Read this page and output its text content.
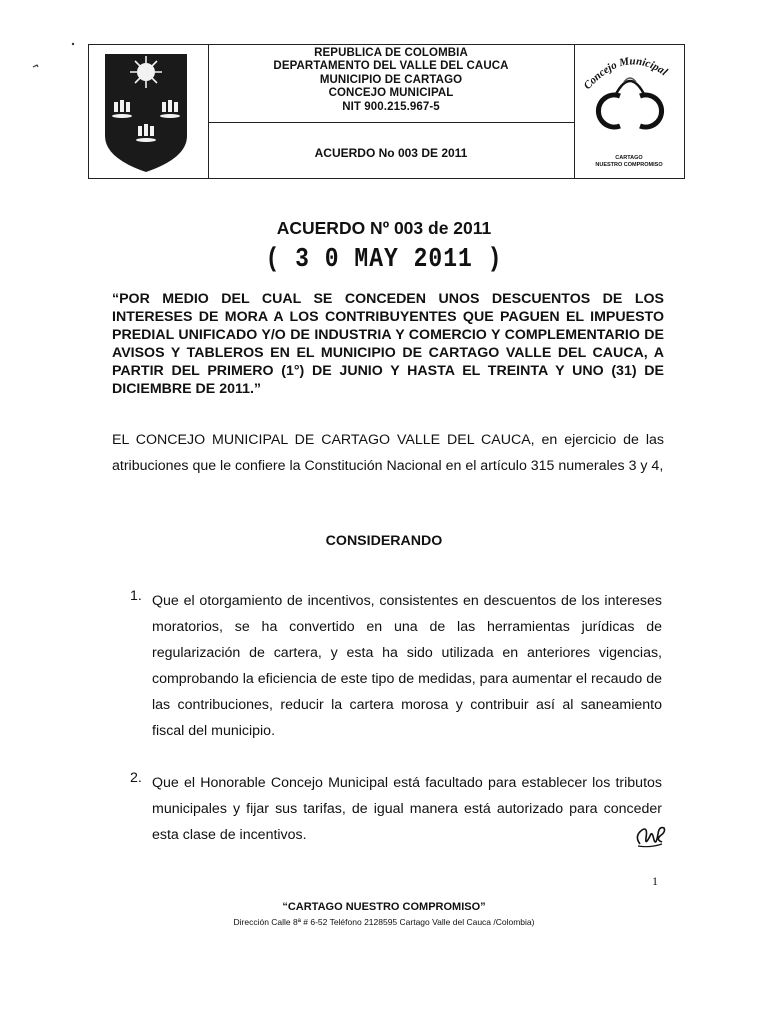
REPUBLICA DE COLOMBIA
DEPARTAMENTO DEL VALLE DEL CAUCA
MUNICIPIO DE CARTAGO
CONCEJO MUNICIPAL
NIT 900.215.967-5
ACUERDO No 003 DE 2011
Concejo Municipal
CARTAGO
NUESTRO COMPROMISO
ACUERDO Nº 003 de 2011
( 3 0 MAY 2011 )
“POR MEDIO DEL CUAL SE CONCEDEN UNOS DESCUENTOS DE LOS INTERESES DE MORA A LOS CONTRIBUYENTES QUE PAGUEN EL IMPUESTO PREDIAL UNIFICADO Y/O DE INDUSTRIA Y COMERCIO Y COMPLEMENTARIO DE AVISOS Y TABLEROS EN EL MUNICIPIO DE CARTAGO VALLE DEL CAUCA, A PARTIR DEL PRIMERO (1°) DE JUNIO Y HASTA EL TREINTA Y UNO (31) DE DICIEMBRE DE 2011.”
EL CONCEJO MUNICIPAL DE CARTAGO VALLE DEL CAUCA, en ejercicio de las atribuciones que le confiere la Constitución Nacional en el artículo 315 numerales 3 y 4,
CONSIDERANDO
1. Que el otorgamiento de incentivos, consistentes en descuentos de los intereses moratorios, se ha convertido en una de las herramientas jurídicas de regularización de cartera, y esta ha sido utilizada en anteriores vigencias, comprobando la eficiencia de este tipo de medidas, para aumentar el recaudo de las contribuciones, reducir la cartera morosa y contribuir así al saneamiento fiscal del municipio.
2. Que el Honorable Concejo Municipal está facultado para establecer los tributos municipales y fijar sus tarifas, de igual manera está autorizado para conceder esta clase de incentivos.
1
“CARTAGO NUESTRO COMPROMISO”
Dirección Calle 8ª # 6-52 Teléfono 2128595 Cartago Valle del Cauca /Colombia)
